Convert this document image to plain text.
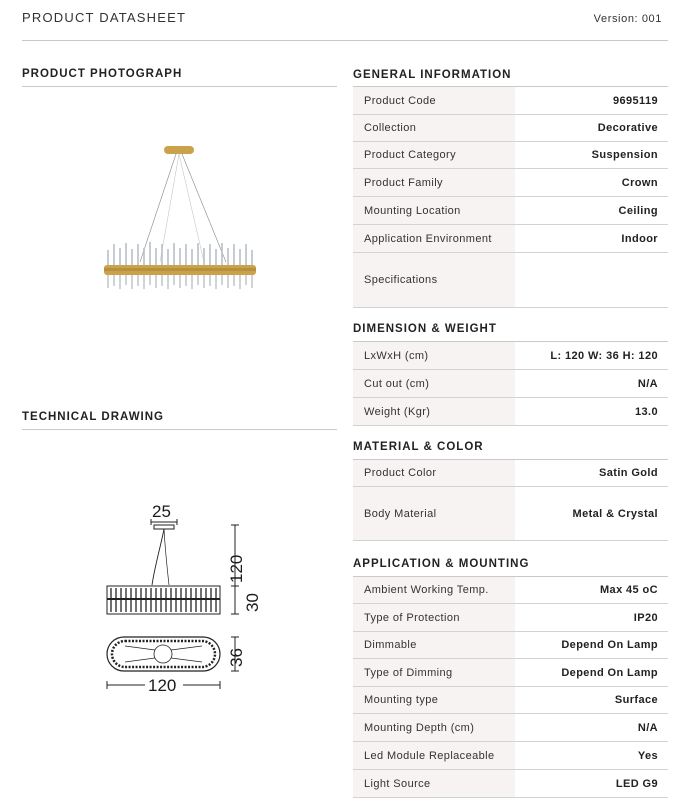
PRODUCT DATASHEET	Version: 001
PRODUCT PHOTOGRAPH
TECHNICAL DRAWING
25
120
30
36
120
GENERAL INFORMATION
Product Code	9695119
Collection	Decorative
Product Category	Suspension
Product Family	Crown
Mounting Location	Ceiling
Application Environment	Indoor
Specifications
DIMENSION & WEIGHT
LxWxH (cm)	L: 120 W: 36 H: 120
Cut out (cm)	N/A
Weight (Kgr)	13.0
MATERIAL & COLOR
Product Color	Satin Gold
Body Material	Metal & Crystal
APPLICATION & MOUNTING
Ambient Working Temp.	Max 45 oC
Type of Protection	IP20
Dimmable	Depend On Lamp
Type of Dimming	Depend On Lamp
Mounting type	Surface
Mounting Depth (cm)	N/A
Led Module Replaceable	Yes
Light Source	LED G9
